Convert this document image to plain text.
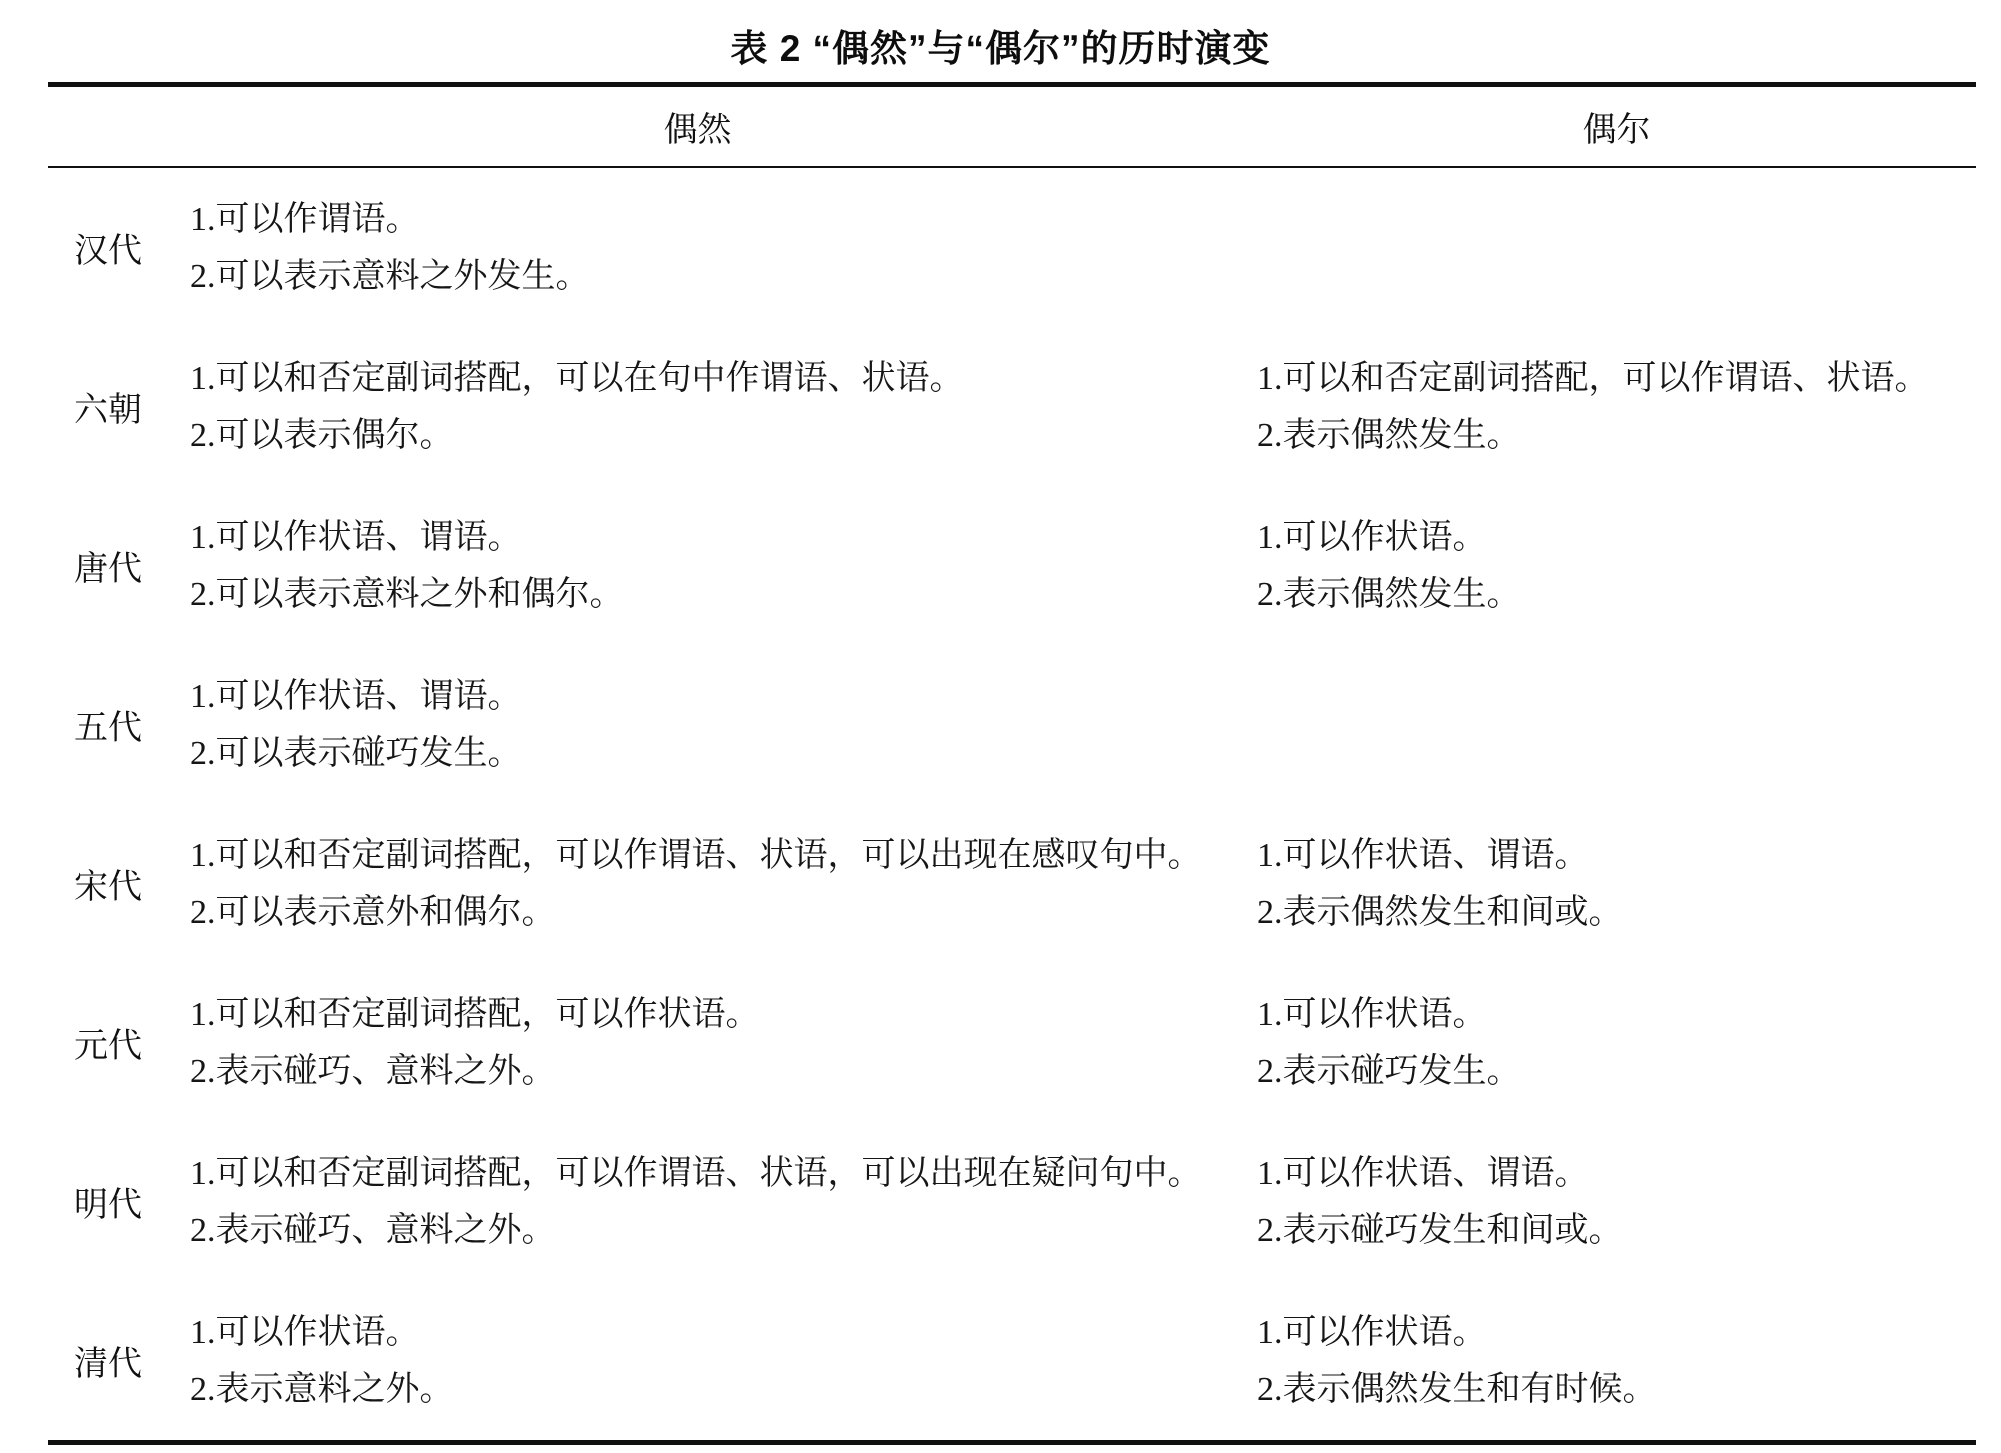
表 2 “偶然”与“偶尔”的历时演变
偶然	偶尔
汉代

1.可以作谓语。

2.可以表示意料之外发生。

六朝

1.可以和否定副词搭配，可以在句中作谓语、状语。

2.可以表示偶尔。

1.可以和否定副词搭配，可以作谓语、状语。

2.表示偶然发生。

唐代

1.可以作状语、谓语。

2.可以表示意料之外和偶尔。

1.可以作状语。

2.表示偶然发生。

五代

1.可以作状语、谓语。

2.可以表示碰巧发生。

宋代

1.可以和否定副词搭配，可以作谓语、状语，可以出现在感叹句中。

2.可以表示意外和偶尔。

1.可以作状语、谓语。

2.表示偶然发生和间或。

元代

1.可以和否定副词搭配，可以作状语。

2.表示碰巧、意料之外。

1.可以作状语。

2.表示碰巧发生。

明代

1.可以和否定副词搭配，可以作谓语、状语，可以出现在疑问句中。

2.表示碰巧、意料之外。

1.可以作状语、谓语。

2.表示碰巧发生和间或。

清代

1.可以作状语。

2.表示意料之外。

1.可以作状语。

2.表示偶然发生和有时候。
